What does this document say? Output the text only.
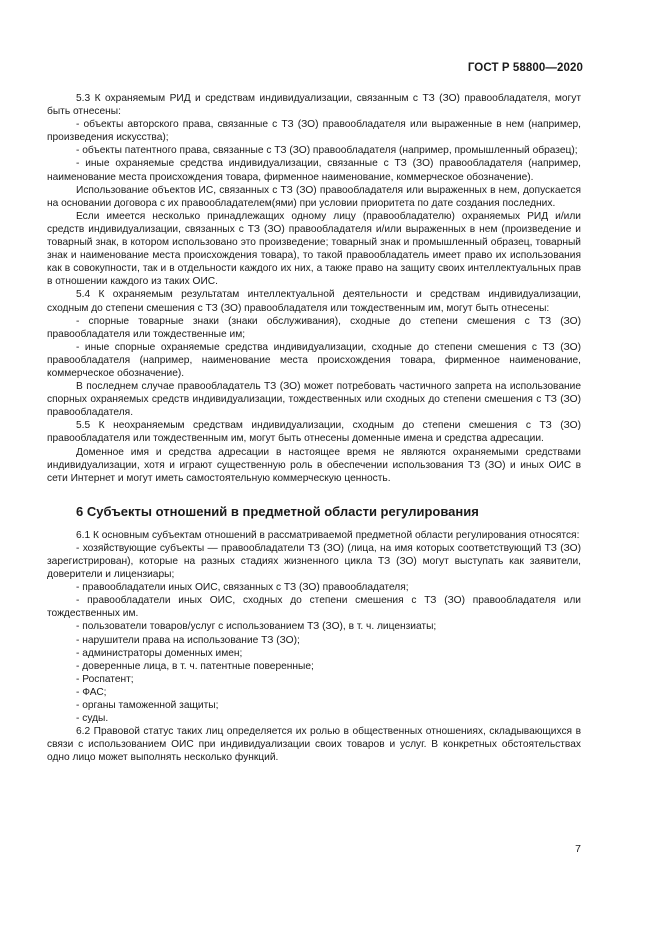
ГОСТ Р 58800—2020

5.3 К охраняемым РИД и средствам индивидуализации, связанным с ТЗ (ЗО) правообладателя, могут быть отнесены:

- объекты авторского права, связанные с ТЗ (ЗО) правообладателя или выраженные в нем (например, произведения искусства);

- объекты патентного права, связанные с ТЗ (ЗО) правообладателя (например, промышленный образец);

- иные охраняемые средства индивидуализации, связанные с ТЗ (ЗО) правообладателя (например, наименование места происхождения товара, фирменное наименование, коммерческое обозначение).

Использование объектов ИС, связанных с ТЗ (ЗО) правообладателя или выраженных в нем, допускается на основании договора с их правообладателем(ями) при условии приоритета по дате создания последних.

Если имеется несколько принадлежащих одному лицу (правообладателю) охраняемых РИД и/или средств индивидуализации, связанных с ТЗ (ЗО) правообладателя и/или выраженных в нем (произведение и товарный знак, в котором использовано это произведение; товарный знак и промышленный образец, товарный знак и наименование места происхождения товара), то такой правообладатель имеет право их использования как в совокупности, так и в отдельности каждого их них, а также право на защиту своих интеллектуальных прав в отношении каждого из таких ОИС.

5.4 К охраняемым результатам интеллектуальной деятельности и средствам индивидуализации, сходным до степени смешения с ТЗ (ЗО) правообладателя или тождественным им, могут быть отнесены:

- спорные товарные знаки (знаки обслуживания), сходные до степени смешения с ТЗ (ЗО) правообладателя или тождественные им;

- иные спорные охраняемые средства индивидуализации, сходные до степени смешения с ТЗ (ЗО) правообладателя (например, наименование места происхождения товара, фирменное наименование, коммерческое обозначение).

В последнем случае правообладатель ТЗ (ЗО) может потребовать частичного запрета на использование спорных охраняемых средств индивидуализации, тождественных или сходных до степени смешения с ТЗ (ЗО) правообладателя.

5.5 К неохраняемым средствам индивидуализации, сходным до степени смешения с ТЗ (ЗО) правообладателя или тождественным им, могут быть отнесены доменные имена и средства адресации.

Доменное имя и средства адресации в настоящее время не являются охраняемыми средствами индивидуализации, хотя и играют существенную роль в обеспечении использования ТЗ (ЗО) и иных ОИС в сети Интернет и могут иметь самостоятельную коммерческую ценность.

6 Субъекты отношений в предметной области регулирования

6.1 К основным субъектам отношений в рассматриваемой предметной области регулирования относятся:

- хозяйствующие субъекты — правообладатели ТЗ (ЗО) (лица, на имя которых соответствующий ТЗ (ЗО) зарегистрирован), которые на разных стадиях жизненного цикла ТЗ (ЗО) могут выступать как заявители, доверители и лицензиары;

- правообладатели иных ОИС, связанных с ТЗ (ЗО) правообладателя;

- правообладатели иных ОИС, сходных до степени смешения с ТЗ (ЗО) правообладателя или тождественных им.

- пользователи товаров/услуг с использованием ТЗ (ЗО), в т. ч. лицензиаты;

- нарушители права на использование ТЗ (ЗО);

- администраторы доменных имен;

- доверенные лица, в т. ч. патентные поверенные;

- Роспатент;

- ФАС;

- органы таможенной защиты;

- суды.

6.2 Правовой статус таких лиц определяется их ролью в общественных отношениях, складывающихся в связи с использованием ОИС при индивидуализации своих товаров и услуг. В конкретных обстоятельствах одно лицо может выполнять несколько функций.

7
